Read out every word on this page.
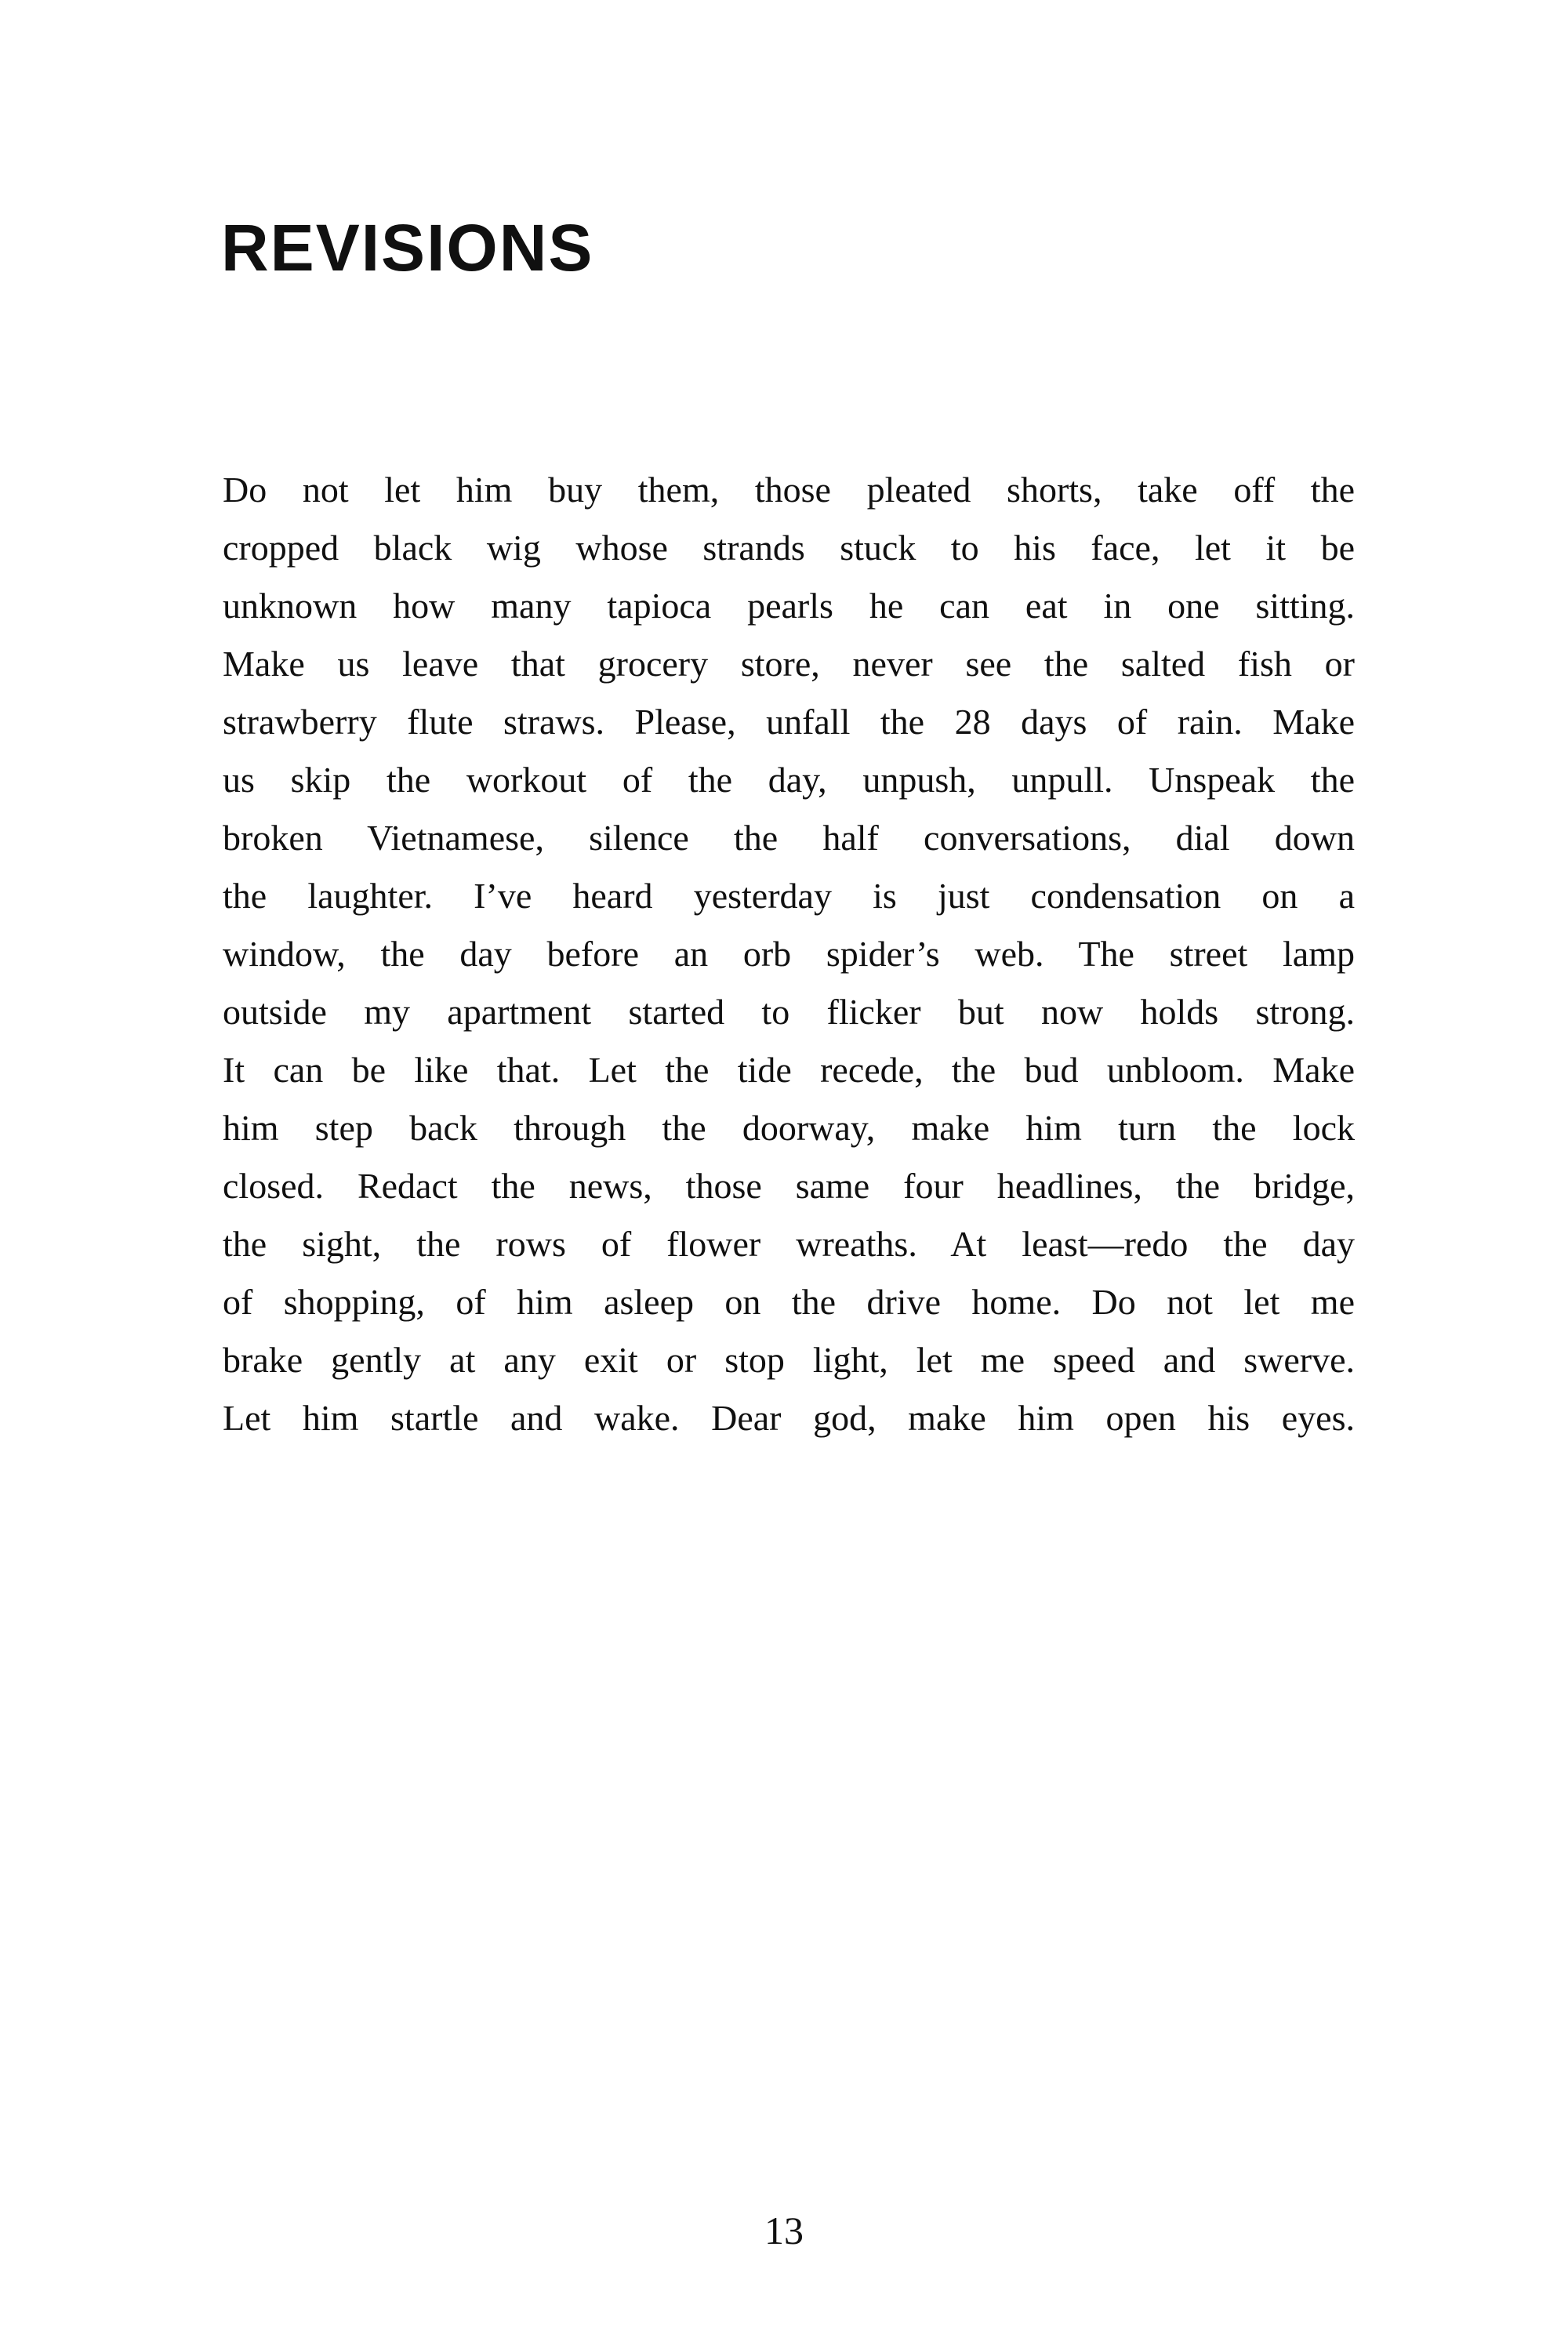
REVISIONS
Do not let him buy them, those pleated shorts, take off the
cropped black wig whose strands stuck to his face, let it be
unknown how many tapioca pearls he can eat in one sitting.
Make us leave that grocery store, never see the salted fish or
strawberry flute straws. Please, unfall the 28 days of rain. Make
us skip the workout of the day, unpush, unpull. Unspeak the
broken Vietnamese, silence the half conversations, dial down
the laughter. I’ve heard yesterday is just condensation on a
window, the day before an orb spider’s web. The street lamp
outside my apartment started to flicker but now holds strong.
It can be like that. Let the tide recede, the bud unbloom. Make
him step back through the doorway, make him turn the lock
closed. Redact the news, those same four headlines, the bridge,
the sight, the rows of flower wreaths. At least—redo the day
of shopping, of him asleep on the drive home. Do not let me
brake gently at any exit or stop light, let me speed and swerve.
Let him startle and wake. Dear god, make him open his eyes.
13
